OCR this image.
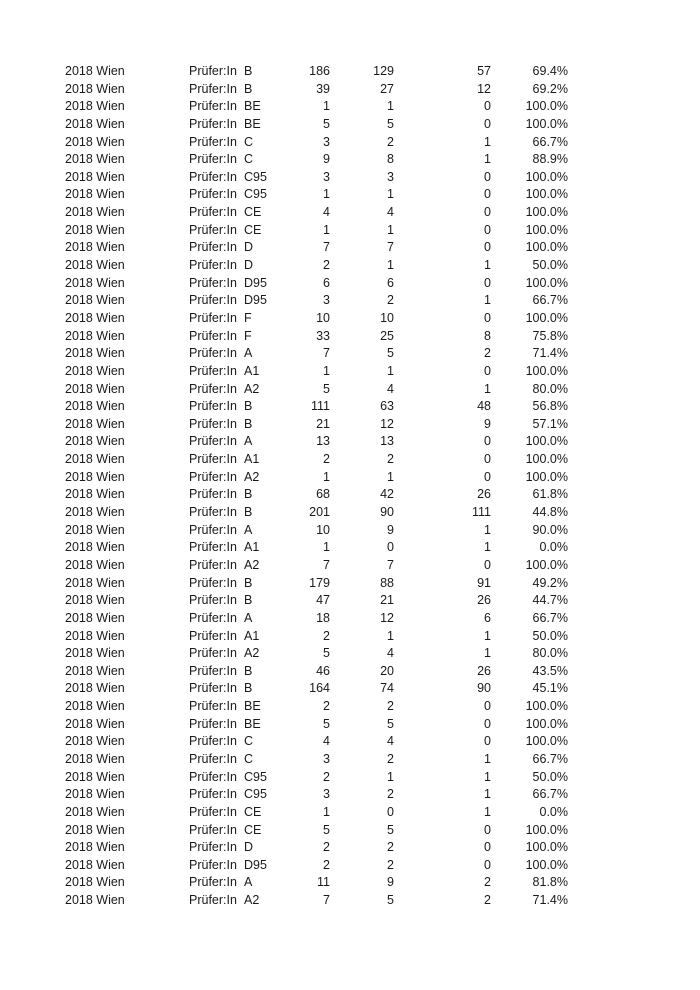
2018 Wien	Prüfer:In B	186	129	57	69.4%
2018 Wien	Prüfer:In B	39	27	12	69.2%
2018 Wien	Prüfer:In BE	1	1	0	100.0%
2018 Wien	Prüfer:In BE	5	5	0	100.0%
2018 Wien	Prüfer:In C	3	2	1	66.7%
2018 Wien	Prüfer:In C	9	8	1	88.9%
2018 Wien	Prüfer:In C95	3	3	0	100.0%
2018 Wien	Prüfer:In C95	1	1	0	100.0%
2018 Wien	Prüfer:In CE	4	4	0	100.0%
2018 Wien	Prüfer:In CE	1	1	0	100.0%
2018 Wien	Prüfer:In D	7	7	0	100.0%
2018 Wien	Prüfer:In D	2	1	1	50.0%
2018 Wien	Prüfer:In D95	6	6	0	100.0%
2018 Wien	Prüfer:In D95	3	2	1	66.7%
2018 Wien	Prüfer:In F	10	10	0	100.0%
2018 Wien	Prüfer:In F	33	25	8	75.8%
2018 Wien	Prüfer:In A	7	5	2	71.4%
2018 Wien	Prüfer:In A1	1	1	0	100.0%
2018 Wien	Prüfer:In A2	5	4	1	80.0%
2018 Wien	Prüfer:In B	111	63	48	56.8%
2018 Wien	Prüfer:In B	21	12	9	57.1%
2018 Wien	Prüfer:In A	13	13	0	100.0%
2018 Wien	Prüfer:In A1	2	2	0	100.0%
2018 Wien	Prüfer:In A2	1	1	0	100.0%
2018 Wien	Prüfer:In B	68	42	26	61.8%
2018 Wien	Prüfer:In B	201	90	111	44.8%
2018 Wien	Prüfer:In A	10	9	1	90.0%
2018 Wien	Prüfer:In A1	1	0	1	0.0%
2018 Wien	Prüfer:In A2	7	7	0	100.0%
2018 Wien	Prüfer:In B	179	88	91	49.2%
2018 Wien	Prüfer:In B	47	21	26	44.7%
2018 Wien	Prüfer:In A	18	12	6	66.7%
2018 Wien	Prüfer:In A1	2	1	1	50.0%
2018 Wien	Prüfer:In A2	5	4	1	80.0%
2018 Wien	Prüfer:In B	46	20	26	43.5%
2018 Wien	Prüfer:In B	164	74	90	45.1%
2018 Wien	Prüfer:In BE	2	2	0	100.0%
2018 Wien	Prüfer:In BE	5	5	0	100.0%
2018 Wien	Prüfer:In C	4	4	0	100.0%
2018 Wien	Prüfer:In C	3	2	1	66.7%
2018 Wien	Prüfer:In C95	2	1	1	50.0%
2018 Wien	Prüfer:In C95	3	2	1	66.7%
2018 Wien	Prüfer:In CE	1	0	1	0.0%
2018 Wien	Prüfer:In CE	5	5	0	100.0%
2018 Wien	Prüfer:In D	2	2	0	100.0%
2018 Wien	Prüfer:In D95	2	2	0	100.0%
2018 Wien	Prüfer:In A	11	9	2	81.8%
2018 Wien	Prüfer:In A2	7	5	2	71.4%
